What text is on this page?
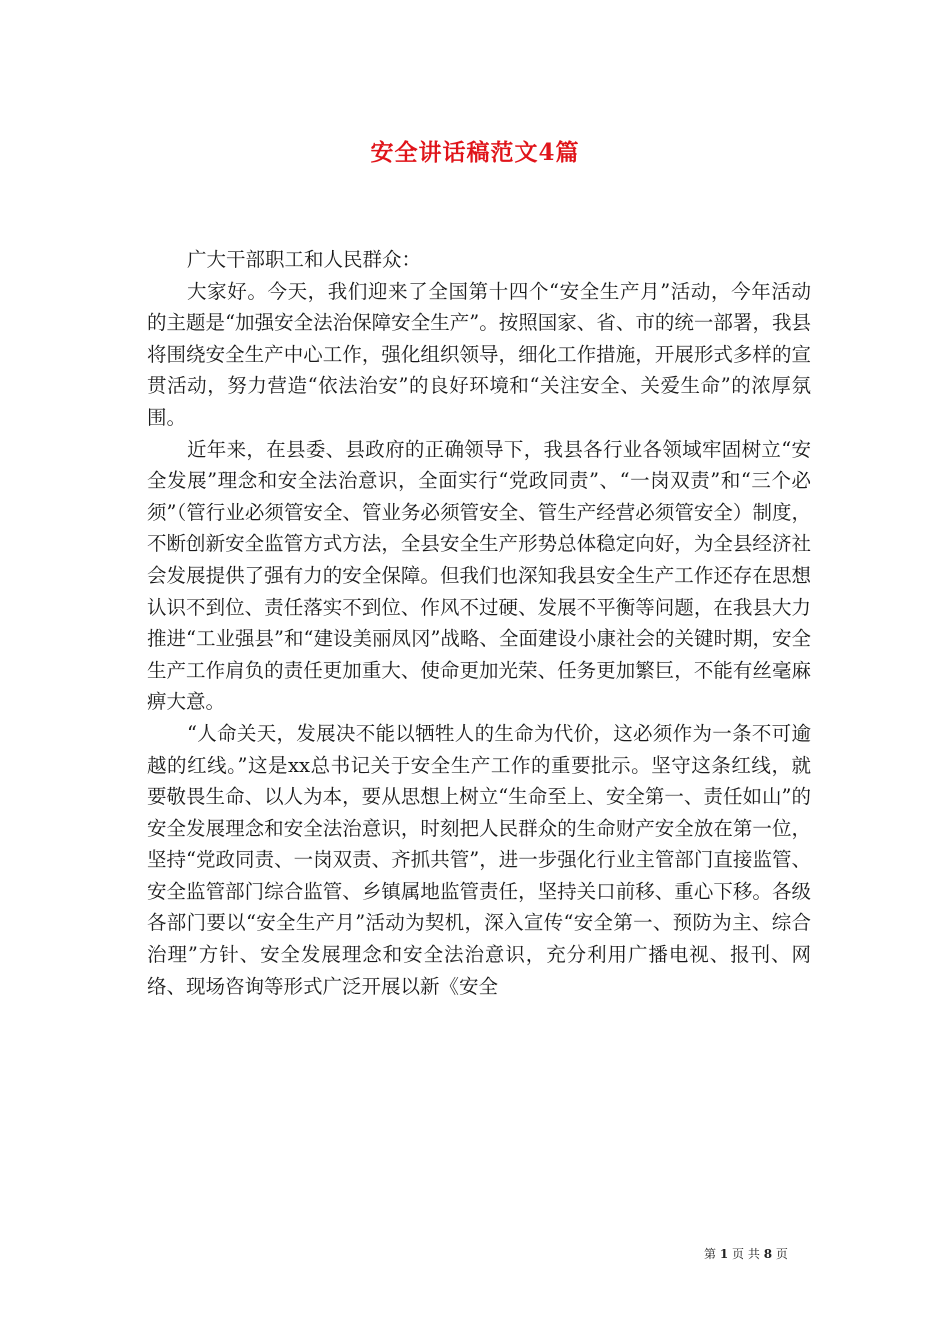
安全讲话稿范文4篇

广大干部职工和人民群众：

大家好。今天，我们迎来了全国第十四个“安全生产月”活动，今年活动的主题是“加强安全法治保障安全生产”。按照国家、省、市的统一部署，我县将围绕安全生产中心工作，强化组织领导，细化工作措施，开展形式多样的宣贯活动，努力营造“依法治安”的良好环境和“关注安全、关爱生命”的浓厚氛围。

近年来，在县委、县政府的正确领导下，我县各行业各领域牢固树立“安全发展”理念和安全法治意识，全面实行“党政同责”、“一岗双责”和“三个必须”（管行业必须管安全、管业务必须管安全、管生产经营必须管安全）制度，不断创新安全监管方式方法，全县安全生产形势总体稳定向好，为全县经济社会发展提供了强有力的安全保障。但我们也深知我县安全生产工作还存在思想认识不到位、责任落实不到位、作风不过硬、发展不平衡等问题，在我县大力推进“工业强县”和“建设美丽凤冈”战略、全面建设小康社会的关键时期，安全生产工作肩负的责任更加重大、使命更加光荣、任务更加繁巨，不能有丝毫麻痹大意。

“人命关天，发展决不能以牺牲人的生命为代价，这必须作为一条不可逾越的红线。”这是xx总书记关于安全生产工作的重要批示。坚守这条红线，就要敬畏生命、以人为本，要从思想上树立“生命至上、安全第一、责任如山”的安全发展理念和安全法治意识，时刻把人民群众的生命财产安全放在第一位，坚持“党政同责、一岗双责、齐抓共管”，进一步强化行业主管部门直接监管、安全监管部门综合监管、乡镇属地监管责任，坚持关口前移、重心下移。各级各部门要以“安全生产月”活动为契机，深入宣传“安全第一、预防为主、综合治理”方针、安全发展理念和安全法治意识，充分利用广播电视、报刊、网络、现场咨询等形式广泛开展以新《安全

第 1 页 共 8 页
